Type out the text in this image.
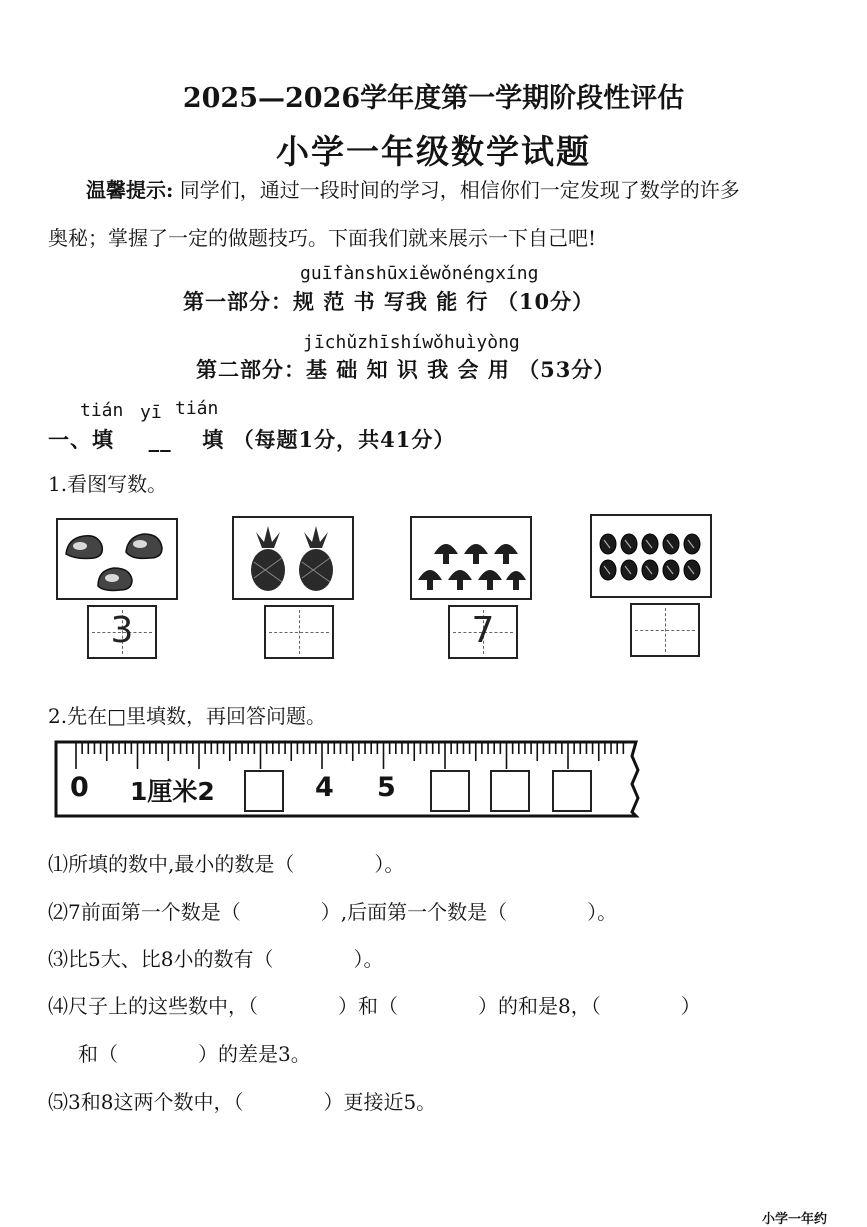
2025—2026学年度第一学期阶段性评估
小学一年级数学试题
温馨提示: 同学们，通过一段时间的学习，相信你们一定发现了数学的许多
奥秘；掌握了一定的做题技巧。下面我们就来展示一下自己吧!
guīfànshūxiěwǒnéngxíng
第一部分：规 范 书 写我 能 行 （10分）
jīchǔzhīshíwǒhuìyòng
第二部分：基 础 知 识 我 会 用 （53分）
tián yī tián
一、填 __ 填 （每题1分，共41分）
1.看图写数。
3	7
2.先在□里填数，再回答问题。
0 1厘米2	4 5
⑴所填的数中,最小的数是（　　　　）。
⑵7前面第一个数是（　　　　）,后面第一个数是（　　　　）。
⑶比5大、比8小的数有（　　　　）。
⑷尺子上的这些数中，（　　　　）和（　　　　）的和是8，（　　　　）
和（　　　　）的差是3。
⑸3和8这两个数中，（　　　　）更接近5。
小学一年约
